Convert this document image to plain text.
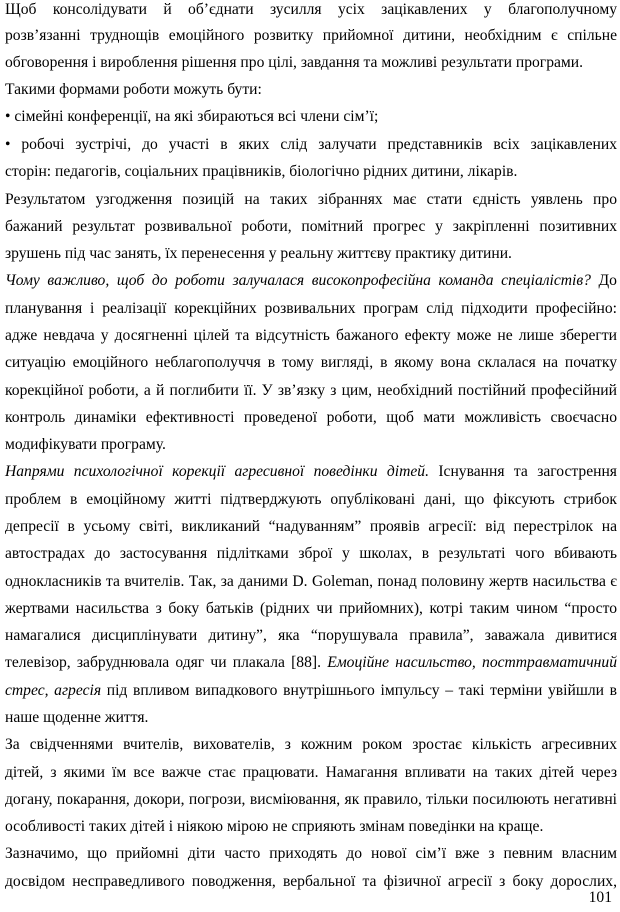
Щоб консолідувати й об’єднати зусилля усіх зацікавлених у благополучному
розв’язанні труднощів емоційного розвитку прийомної дитини, необхідним є спільне
обговорення і вироблення рішення про цілі, завдання та можливі результати програми.
Такими формами роботи можуть бути:
• сімейні конференції, на які збираються всі члени сім’ї;
• робочі зустрічі, до участі в яких слід залучати представників всіх зацікавлених
сторін: педагогів, соціальних працівників, біологічно рідних дитини, лікарів.
Результатом узгодження позицій на таких зібраннях має стати єдність уявлень про
бажаний результат розвивальної роботи, помітний прогрес у закріпленні позитивних
зрушень під час занять, їх перенесення у реальну життєву практику дитини.
Чому важливо, щоб до роботи залучалася високопрофесійна команда спеціалістів? До
планування і реалізації корекційних розвивальних програм слід підходити професійно:
адже невдача у досягненні цілей та відсутність бажаного ефекту може не лише зберегти
ситуацію емоційного неблагополуччя в тому вигляді, в якому вона склалася на початку
корекційної роботи, а й поглибити її. У зв’язку з цим, необхідний постійний професійний
контроль динаміки ефективності проведеної роботи, щоб мати можливість своєчасно
модифікувати програму.
Напрями психологічної корекції агресивної поведінки дітей. Існування та загострення
проблем в емоційному житті підтверджують опубліковані дані, що фіксують стрибок
депресії в усьому світі, викликаний “надуванням” проявів агресії: від перестрілок на
автострадах до застосування підлітками зброї у школах, в результаті чого вбивають
однокласників та вчителів. Так, за даними D. Goleman, понад половину жертв насильства є
жертвами насильства з боку батьків (рідних чи прийомних), котрі таким чином “просто
намагалися дисциплінувати дитину”, яка “порушувала правила”, заважала дивитися
телевізор, забруднювала одяг чи плакала [88]. Емоційне насильство, посттравматичний
стрес, агресія під впливом випадкового внутрішнього імпульсу – такі терміни увійшли в
наше щоденне життя.
За свідченнями вчителів, вихователів, з кожним роком зростає кількість агресивних
дітей, з якими їм все важче стає працювати. Намагання впливати на таких дітей через
догану, покарання, докори, погрози, висміювання, як правило, тільки посилюють негативні
особливості таких дітей і ніякою мірою не сприяють змінам поведінки на краще.
Зазначимо, що прийомні діти часто приходять до нової сім’ї вже з певним власним
досвідом несправедливого поводження, вербальної та фізичної агресії з боку дорослих,
101
